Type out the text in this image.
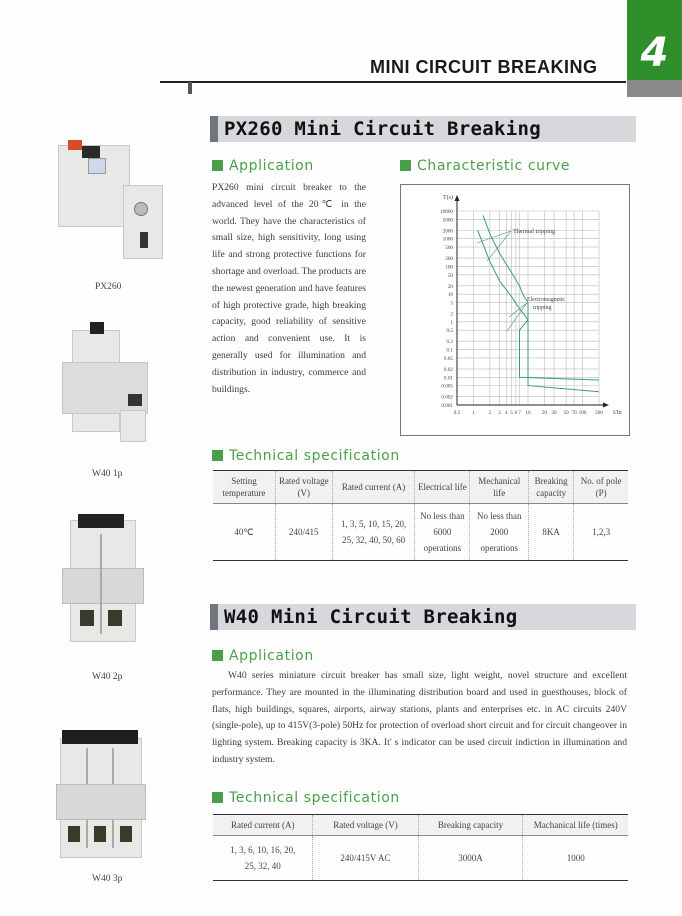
MINI CIRCUIT BREAKING	4
PX260
W40 1p
W40 2p
W40 3p
PX260 Mini Circuit Breaking
Application
PX260 mini circuit breaker to the advanced level of the 20℃ in the world. They have the characteristics of small size, high sensitivity, long using life and strong protective functions for shortage and overload. The products are the newest generation and have features of high protective grade, high breaking capacity, good reliability of sensitive action and convenient use. It is generally used for illumination and distribution in industry, commerce and buildings.
Characteristic curve
10000
5000
2000
1000
500
200
100
50
20
10
5
2
1
0.5
0.2
0.1
0.05
0.02
0.01
0.005
0.002
0.001
0.5 1	2 3 4 5 6 7 10 20 30 50 70 100 200
T(s)
I/In
Thermal tripping
Electromagnetic
tripping
Technical specification
Setting temperature	Rated voltage (V)	Rated current (A)	Electrical life	Mechanical life	Breaking capacity	No. of pole (P)
40℃	240/415	1, 3, 5, 10, 15, 20, 25, 32, 40, 50, 60	No less than 6000 operations	No less than 2000 operations	8KA	1,2,3
W40 Mini Circuit Breaking
Application
W40 series miniature circuit breaker has small size, light weight, novel structure and excellent performance. They are mounted in the illuminating distribution board and used in guesthouses, block of flats, high buildings, squares, airports, airway stations, plants and enterprises etc. in AC circuits 240V (single-pole), up to 415V(3-pole) 50Hz for protection of overload short circuit and for circuit changeover in lighting system. Breaking capacity is 3KA. It' s indicator can be used circuit indiction in illumination and industry system.
Technical specification
Rated current (A)	Rated voltage (V)	Breaking capacity	Machanical life (times)
1, 3, 6, 10, 16, 20, 25, 32, 40	240/415V AC	3000A	1000
